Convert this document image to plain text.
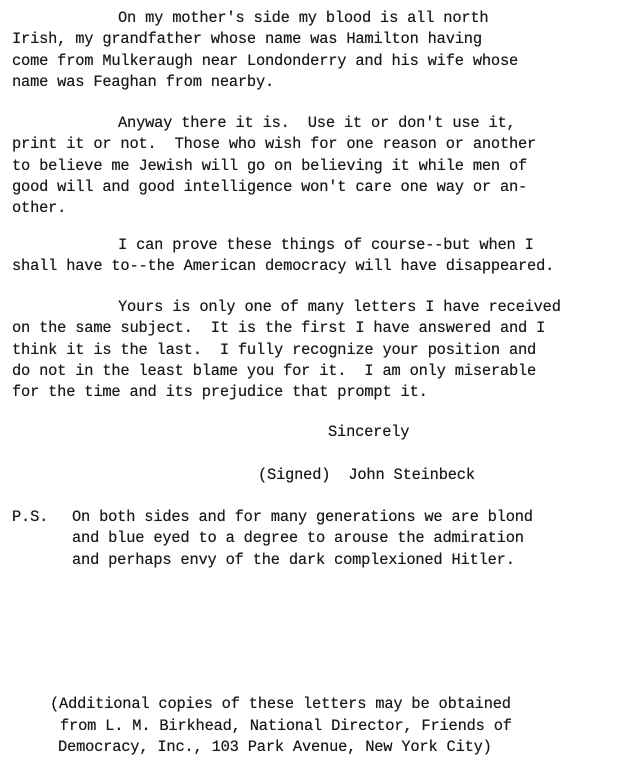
On my mother's side my blood is all north
Irish, my grandfather whose name was Hamilton having
come from Mulkeraugh near Londonderry and his wife whose
name was Feaghan from nearby.
Anyway there it is.  Use it or don't use it,
print it or not.  Those who wish for one reason or another
to believe me Jewish will go on believing it while men of
good will and good intelligence won't care one way or an-
other.
I can prove these things of course--but when I
shall have to--the American democracy will have disappeared.
Yours is only one of many letters I have received
on the same subject.  It is the first I have answered and I
think it is the last.  I fully recognize your position and
do not in the least blame you for it.  I am only miserable
for the time and its prejudice that prompt it.
Sincerely
(Signed)  John Steinbeck
P.S. On both sides and for many generations we are blond
and blue eyed to a degree to arouse the admiration
and perhaps envy of the dark complexioned Hitler.
(Additional copies of these letters may be obtained
from L. M. Birkhead, National Director, Friends of
Democracy, Inc., 103 Park Avenue, New York City)
